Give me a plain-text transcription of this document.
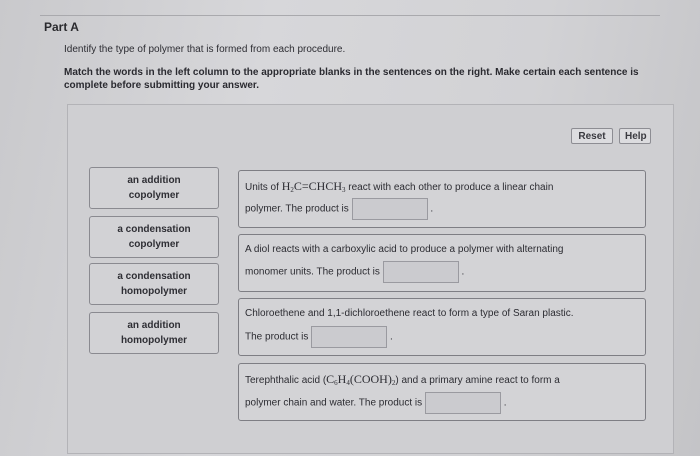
Part A
Identify the type of polymer that is formed from each procedure.
Match the words in the left column to the appropriate blanks in the sentences on the right. Make certain each sentence is complete before submitting your answer.
Reset	Help
an addition
copolymer
a condensation
copolymer
a condensation
homopolymer
an addition
homopolymer
Units of $H_2C=CHCH_3$ react with each other to produce a linear chain
polymer. The product is	.
A diol reacts with a carboxylic acid to produce a polymer with alternating
monomer units. The product is	.
Chloroethene and 1,1-dichloroethene react to form a type of Saran plastic.
The product is	.
Terephthalic acid $(C_6H_4(COOH)_2)$ and a primary amine react to form a
polymer chain and water. The product is	.
